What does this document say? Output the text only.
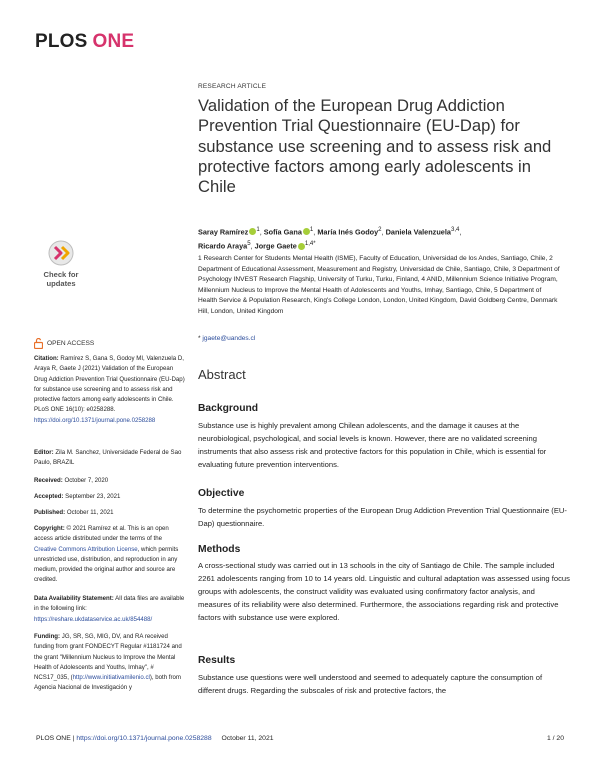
PLOS ONE
RESEARCH ARTICLE
Validation of the European Drug Addiction Prevention Trial Questionnaire (EU-Dap) for substance use screening and to assess risk and protective factors among early adolescents in Chile
Saray Ramírez $^1$, Sofía Gana $^1$, María Inés Godoy$^2$, Daniela Valenzuela$^{3,4}$,
Ricardo Araya$^5$, Jorge Gaete $^{1,4*}$
1 Research Center for Students Mental Health (ISME), Faculty of Education, Universidad de los Andes, Santiago, Chile, 2 Department of Educational Assessment, Measurement and Registry, Universidad de Chile, Santiago, Chile, 3 Department of Psychology INVEST Research Flagship, University of Turku, Turku, Finland, 4 ANID, Millennium Science Initiative Program, Millennium Nucleus to Improve the Mental Health of Adolescents and Youths, Imhay, Santiago, Chile, 5 Department of Health Service & Population Research, King's College London, London, United Kingdom, David Goldberg Centre, Denmark Hill, London, United Kingdom
* jgaete@uandes.cl
Abstract
Background
Substance use is highly prevalent among Chilean adolescents, and the damage it causes at the neurobiological, psychological, and social levels is known. However, there are no validated screening instruments that also assess risk and protective factors for this population in Chile, which is essential for evaluating future prevention interventions.
Objective
To determine the psychometric properties of the European Drug Addiction Prevention Trial Questionnaire (EU-Dap) questionnaire.
Methods
A cross-sectional study was carried out in 13 schools in the city of Santiago de Chile. The sample included 2261 adolescents ranging from 10 to 14 years old. Linguistic and cultural adaptation was assessed using focus groups with adolescents, the construct validity was evaluated using confirmatory factor analysis, and measures of its reliability were also determined. Furthermore, the associations regarding risk and protective factors with substance use were explored.
Results
Substance use questions were well understood and seemed to adequately capture the consumption of different drugs. Regarding the subscales of risk and protective factors, the
Check for
updates
OPEN ACCESS
Citation: Ramírez S, Gana S, Godoy MI, Valenzuela D, Araya R, Gaete J (2021) Validation of the European Drug Addiction Prevention Trial Questionnaire (EU-Dap) for substance use screening and to assess risk and protective factors among early adolescents in Chile. PLoS ONE 16(10): e0258288. https://doi.org/10.1371/journal.pone.0258288
Editor: Zila M. Sanchez, Universidade Federal de Sao Paulo, BRAZIL
Received: October 7, 2020
Accepted: September 23, 2021
Published: October 11, 2021
Copyright: © 2021 Ramírez et al. This is an open access article distributed under the terms of the Creative Commons Attribution License, which permits unrestricted use, distribution, and reproduction in any medium, provided the original author and source are credited.
Data Availability Statement: All data files are available in the following link: https://reshare.ukdataservice.ac.uk/854488/
Funding: JG, SR, SG, MIG, DV, and RA received funding from grant FONDECYT Regular #1181724 and the grant "Millennium Nucleus to Improve the Mental Health of Adolescents and Youths, Imhay", # NCS17_035, (http://www.initiativamilenio.cl), both from Agencia Nacional de Investigación y
PLOS ONE | https://doi.org/10.1371/journal.pone.0258288 October 11, 2021	1 / 20
